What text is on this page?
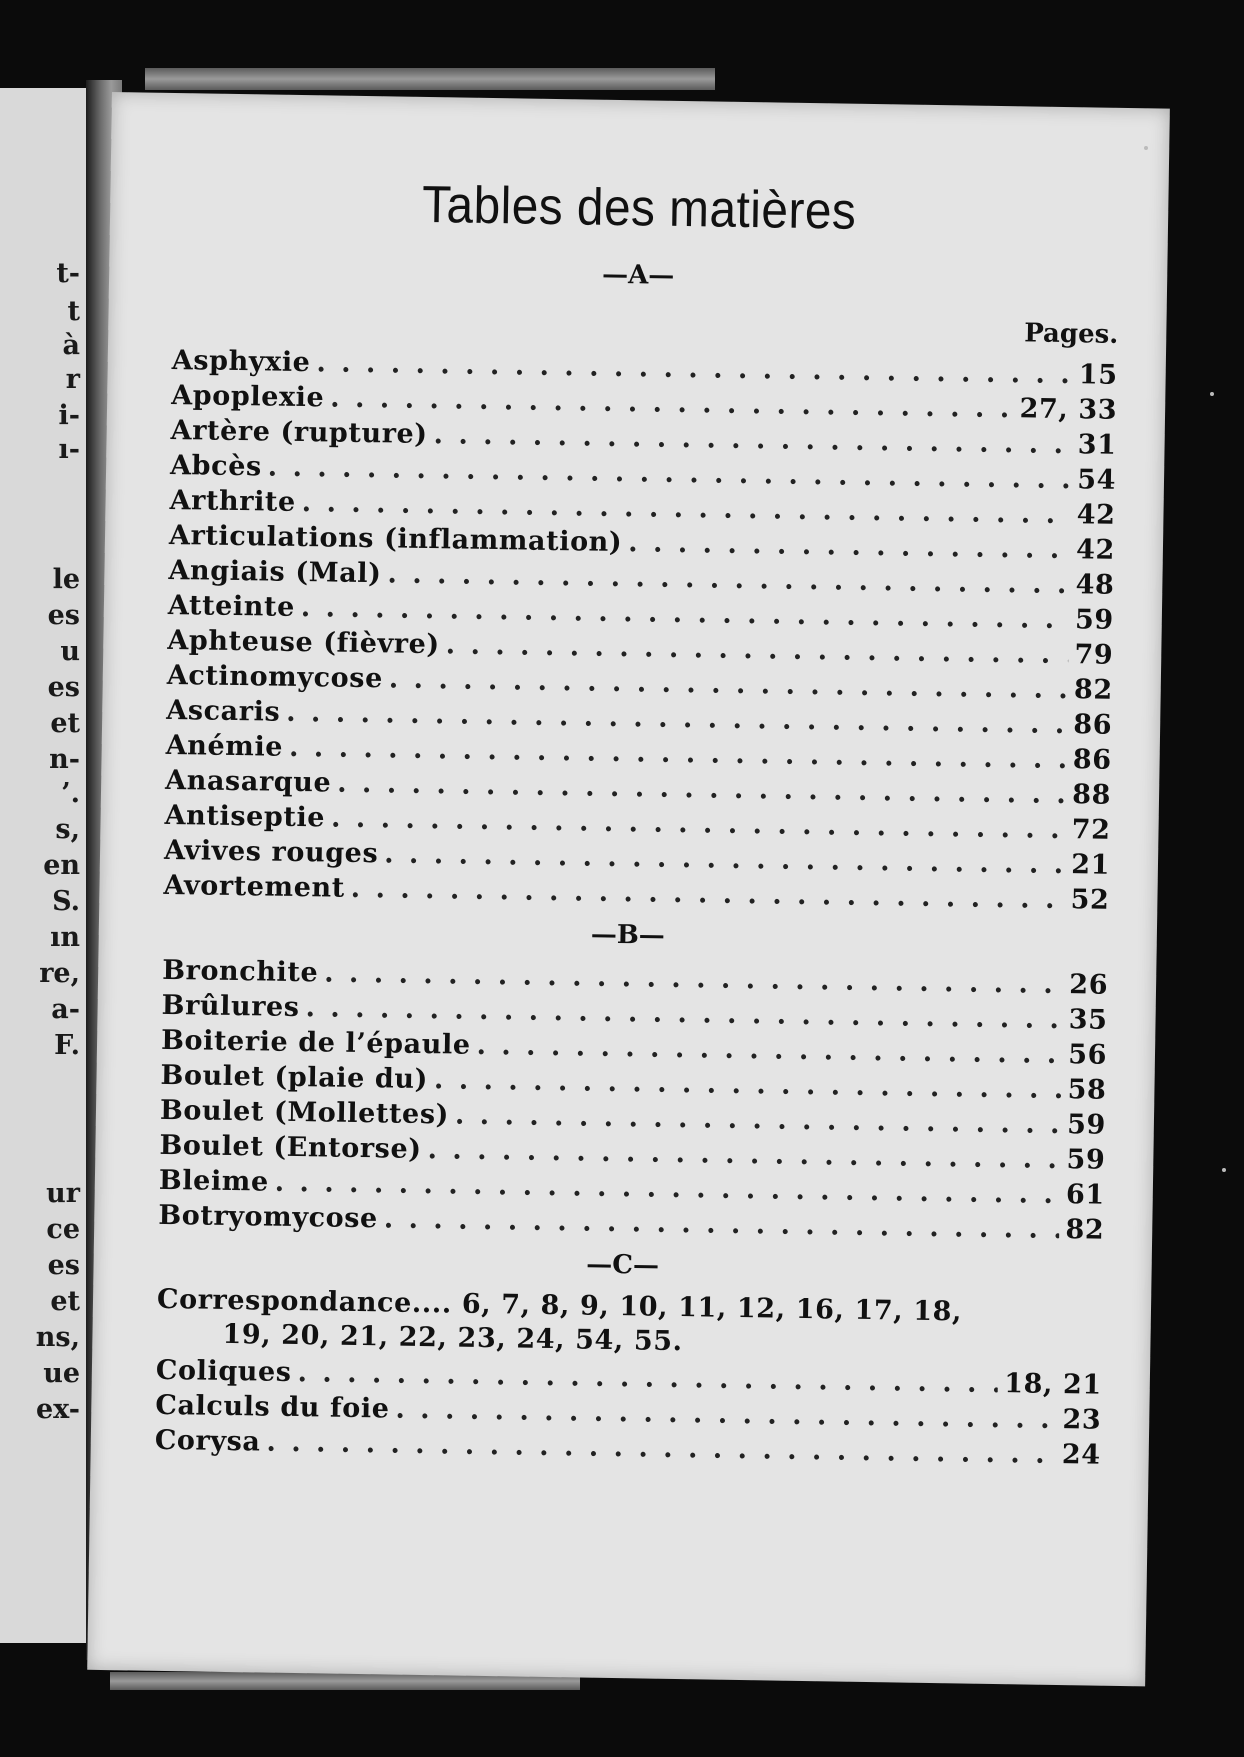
t-
t
à
r
i-
ı-
le
es
u
es
et
n-
’.
s,
en
S.
ın
re,
a-
F.
ur
ce
es
et
ns,
ue
ex-
Tables des matières
—A—
Pages.
Asphyxie . . .	15
Apoplexie . . .	27, 33
Artère (rupture) . . .	31
Abcès . . .	54
Arthrite . . .	42
Articulations (inflammation) . . .	42
Angiais (Mal) . . .	48
Atteinte . . .	59
Aphteuse (fièvre) . . .	79
Actinomycose . . .	82
Ascaris . . .	86
Anémie . . .	86
Anasarque . . .	88
Antiseptie . . .	72
Avives rouges . . .	21
Avortement . . .	52
—B—
Bronchite . . .	26
Brûlures . . .	35
Boiterie de l’épaule . . .	56
Boulet (plaie du) . . .	58
Boulet (Mollettes) . . .	59
Boulet (Entorse) . . .	59
Bleime . . .	61
Botryomycose . . .	82
—C—
Correspondance.... 6, 7, 8, 9, 10, 11, 12, 16, 17, 18,
19, 20, 21, 22, 23, 24, 54, 55.
Coliques . . .	18, 21
Calculs du foie . . .	23
Corysa . . .	24
